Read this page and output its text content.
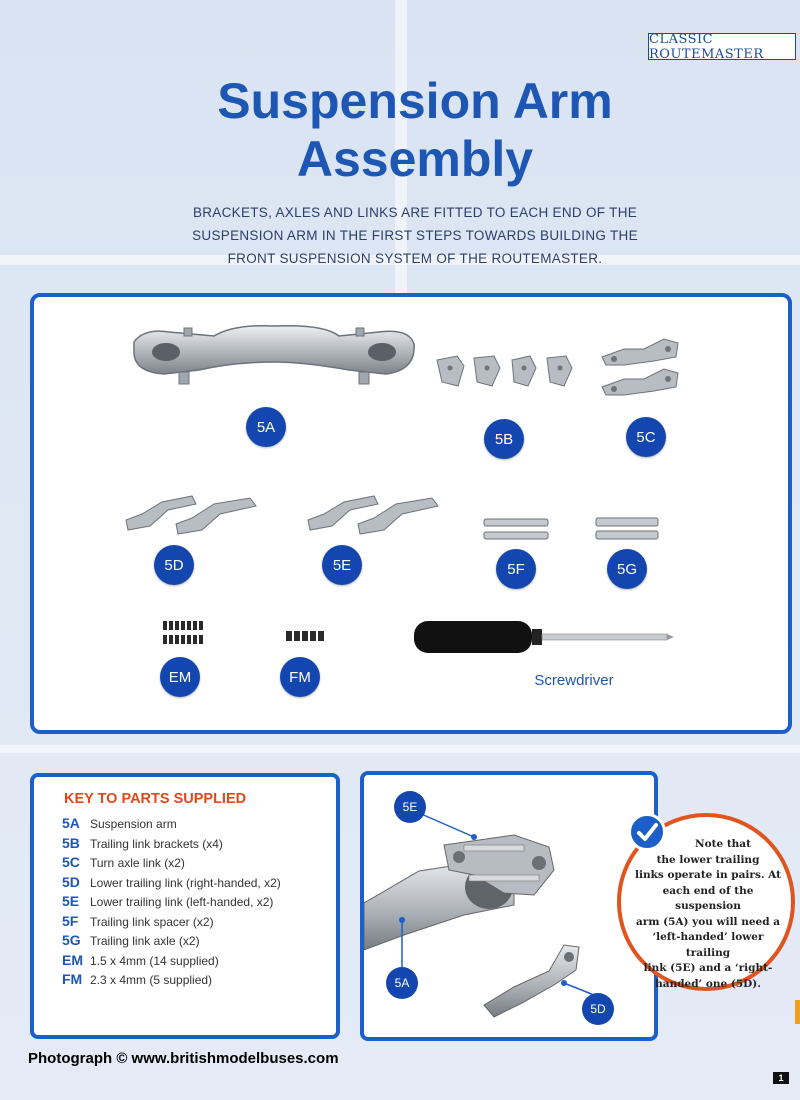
CLASSIC ROUTEMASTER
Suspension Arm
Assembly
BRACKETS, AXLES AND LINKS ARE FITTED TO EACH END OF THE
SUSPENSION ARM IN THE FIRST STEPS TOWARDS BUILDING THE
FRONT SUSPENSION SYSTEM OF THE ROUTEMASTER.
5A
5B	5C
5D	5E	5F	5G
EM	FM	Screwdriver
KEY TO PARTS SUPPLIED
5A Suspension arm
5B Trailing link brackets (x4)
5C Turn axle link (x2)
5D Lower trailing link (right-handed, x2)
5E Lower trailing link (left-handed, x2)
5F Trailing link spacer (x2)
5G Trailing link axle (x2)
EM 1.5 x 4mm (14 supplied)
FM 2.3 x 4mm (5 supplied)
5E
5A
5D
Note that
the lower trailing
links operate in pairs. At
each end of the suspension
arm (5A) you will need a
‘left-handed’ lower trailing
link (5E) and a ‘right-
handed’ one (5D).
Photograph © www.britishmodelbuses.com
1
